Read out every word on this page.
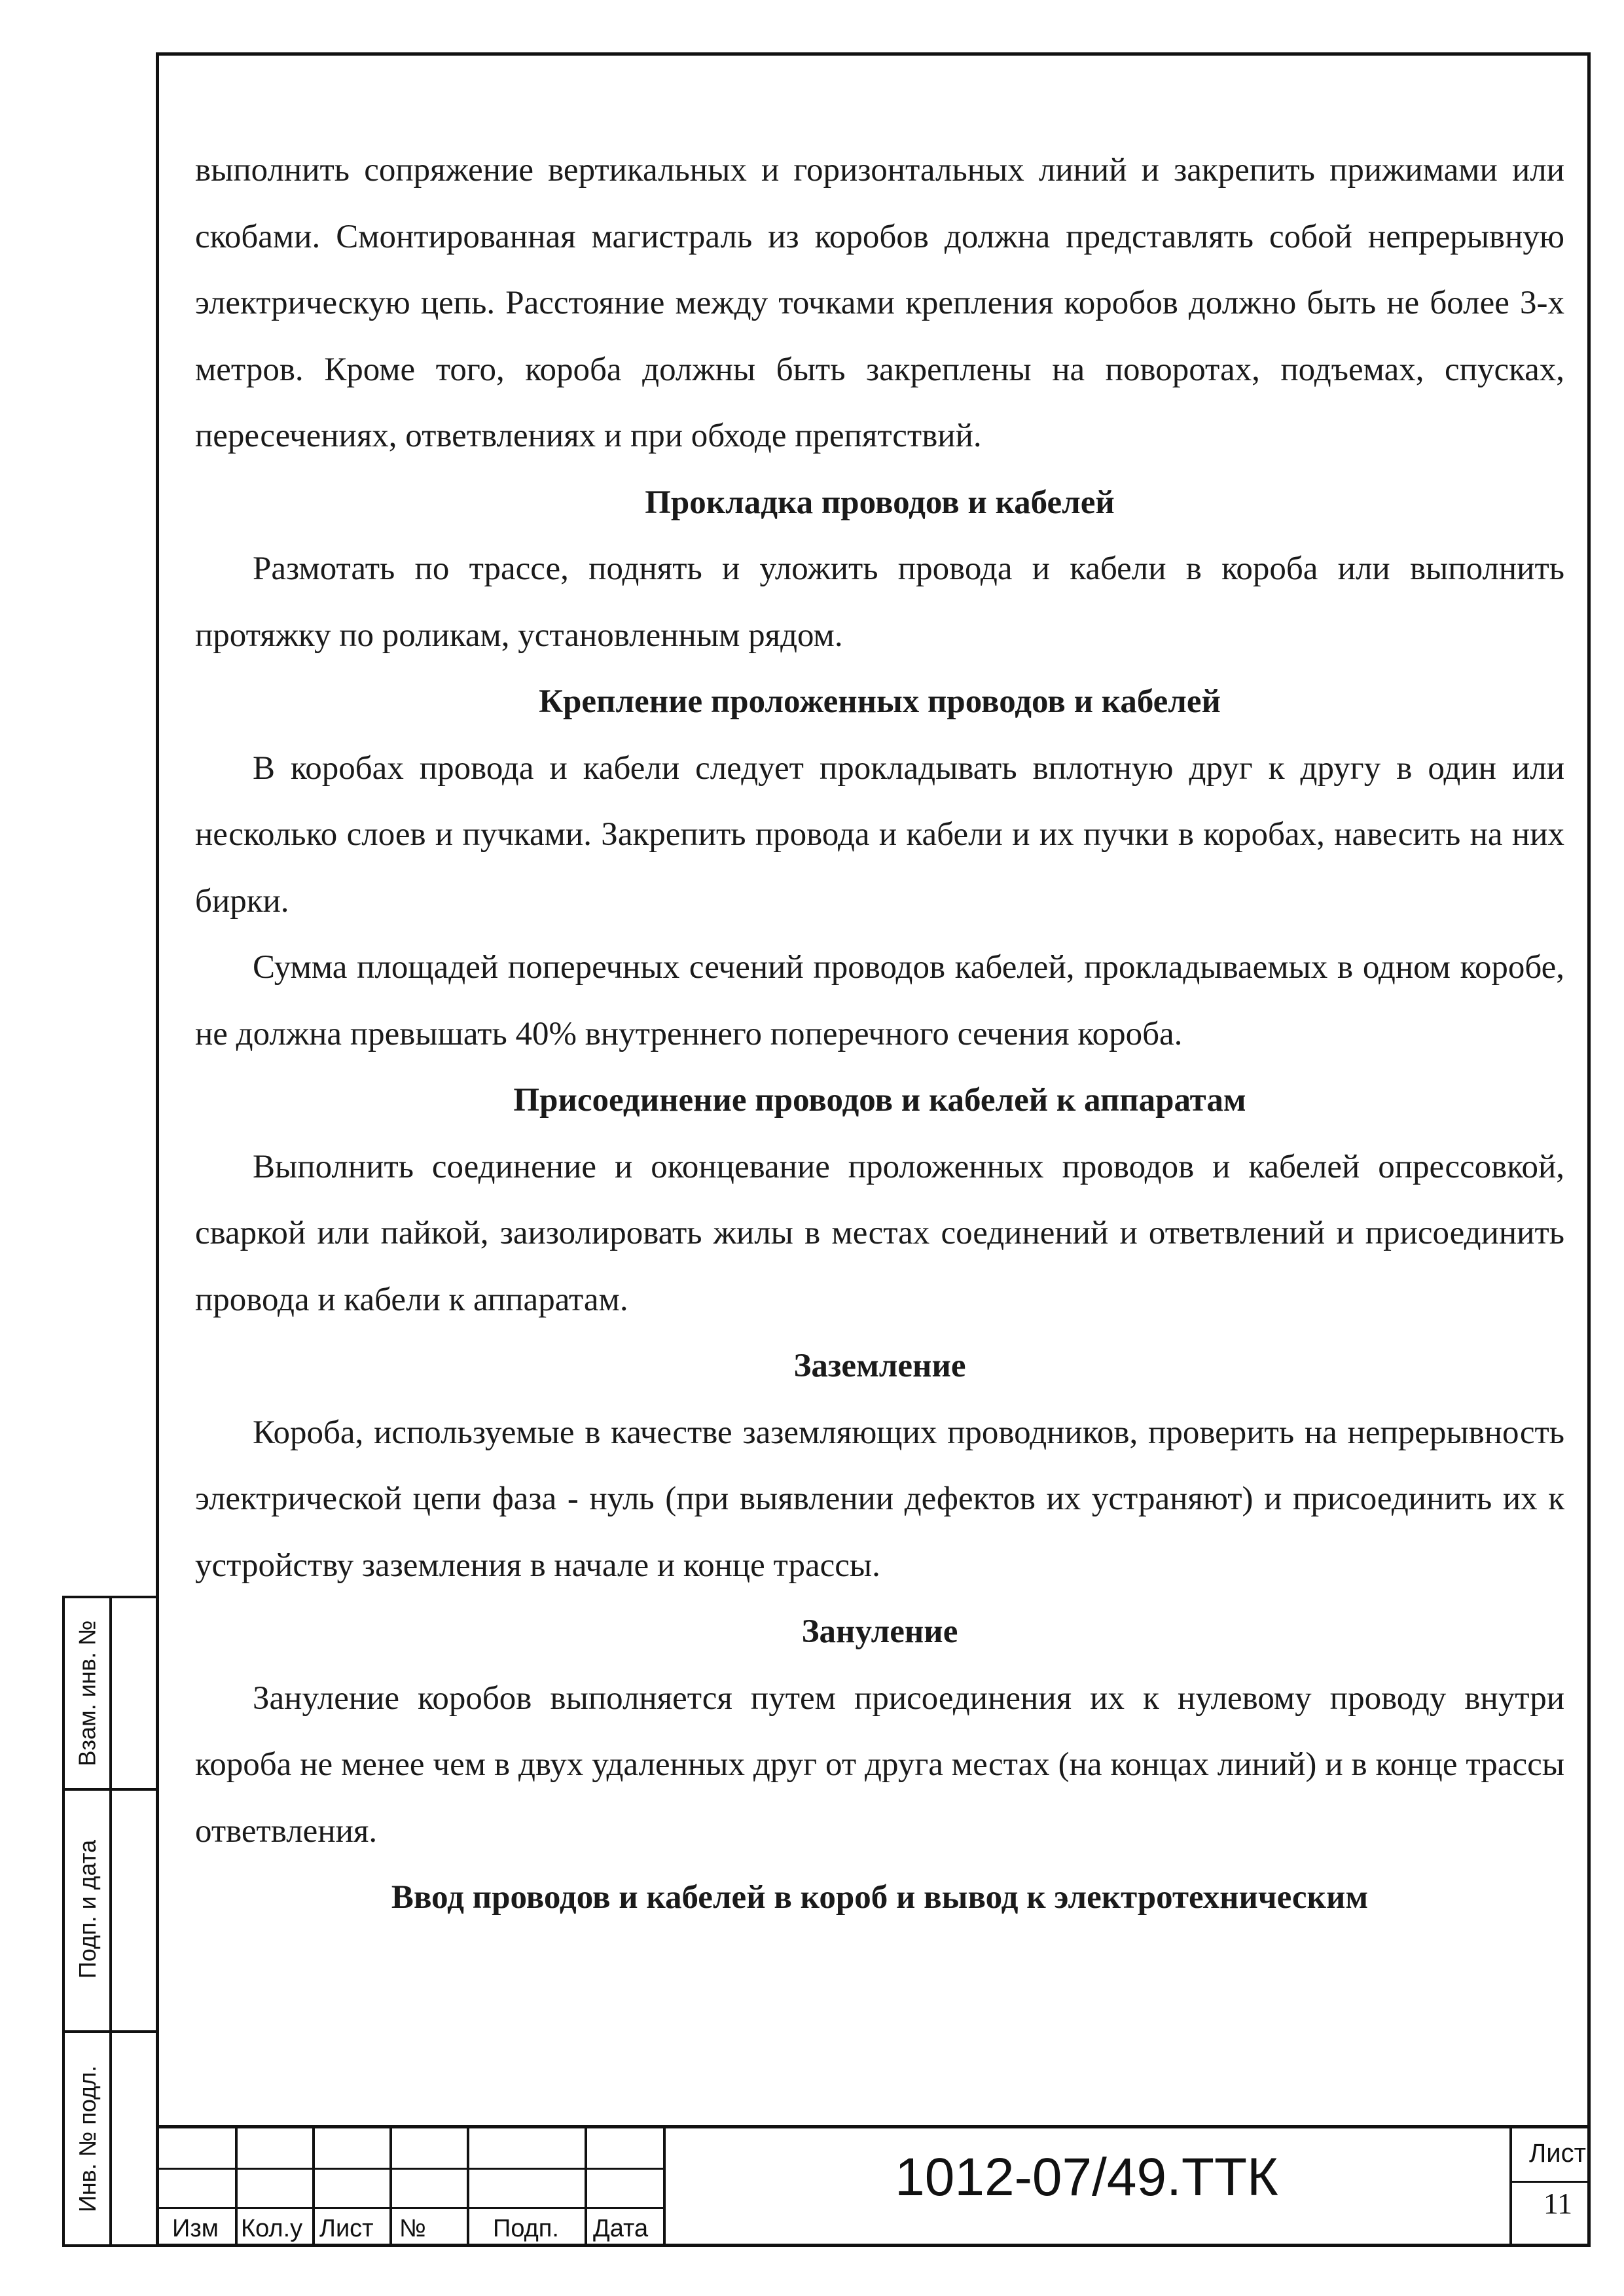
выполнить сопряжение вертикальных и горизонтальных линий и закрепить прижимами или скобами. Смонтированная магистраль из коробов должна представлять собой непрерывную электрическую цепь. Расстояние между точками крепления коробов должно быть не более 3-х метров. Кроме того, короба должны быть закреплены на поворотах, подъемах, спусках, пересечениях, ответвлениях и при обходе препятствий.

Прокладка проводов и кабелей

Размотать по трассе, поднять и уложить провода и кабели в короба или выполнить протяжку по роликам, установленным рядом.

Крепление проложенных проводов и кабелей

В коробах провода и кабели следует прокладывать вплотную друг к другу в один или несколько слоев и пучками. Закрепить провода и кабели и их пучки в коробах, навесить на них бирки.

Сумма площадей поперечных сечений проводов кабелей, прокладываемых в одном коробе, не должна превышать 40% внутреннего поперечного сечения короба.

Присоединение проводов и кабелей к аппаратам

Выполнить соединение и оконцевание проложенных проводов и кабелей опрессовкой, сваркой или пайкой, заизолировать жилы в местах соединений и ответвлений и присоединить провода и кабели к аппаратам.

Заземление

Короба, используемые в качестве заземляющих проводников, проверить на непрерывность электрической цепи фаза - нуль (при выявлении дефектов их устраняют) и присоединить их к устройству заземления в начале и конце трассы.

Зануление

Зануление коробов выполняется путем присоединения их к нулевому проводу внутри короба не менее чем в двух удаленных друг от друга местах (на концах линий) и в конце трассы ответвления.

Ввод проводов и кабелей в короб и вывод к электротехническим

Взам. инв. №
Подп. и дата
Инв. № подл.
Изм Кол.у Лист №	Подп. Дата
1012-07/49.ТТК	Лист
11
